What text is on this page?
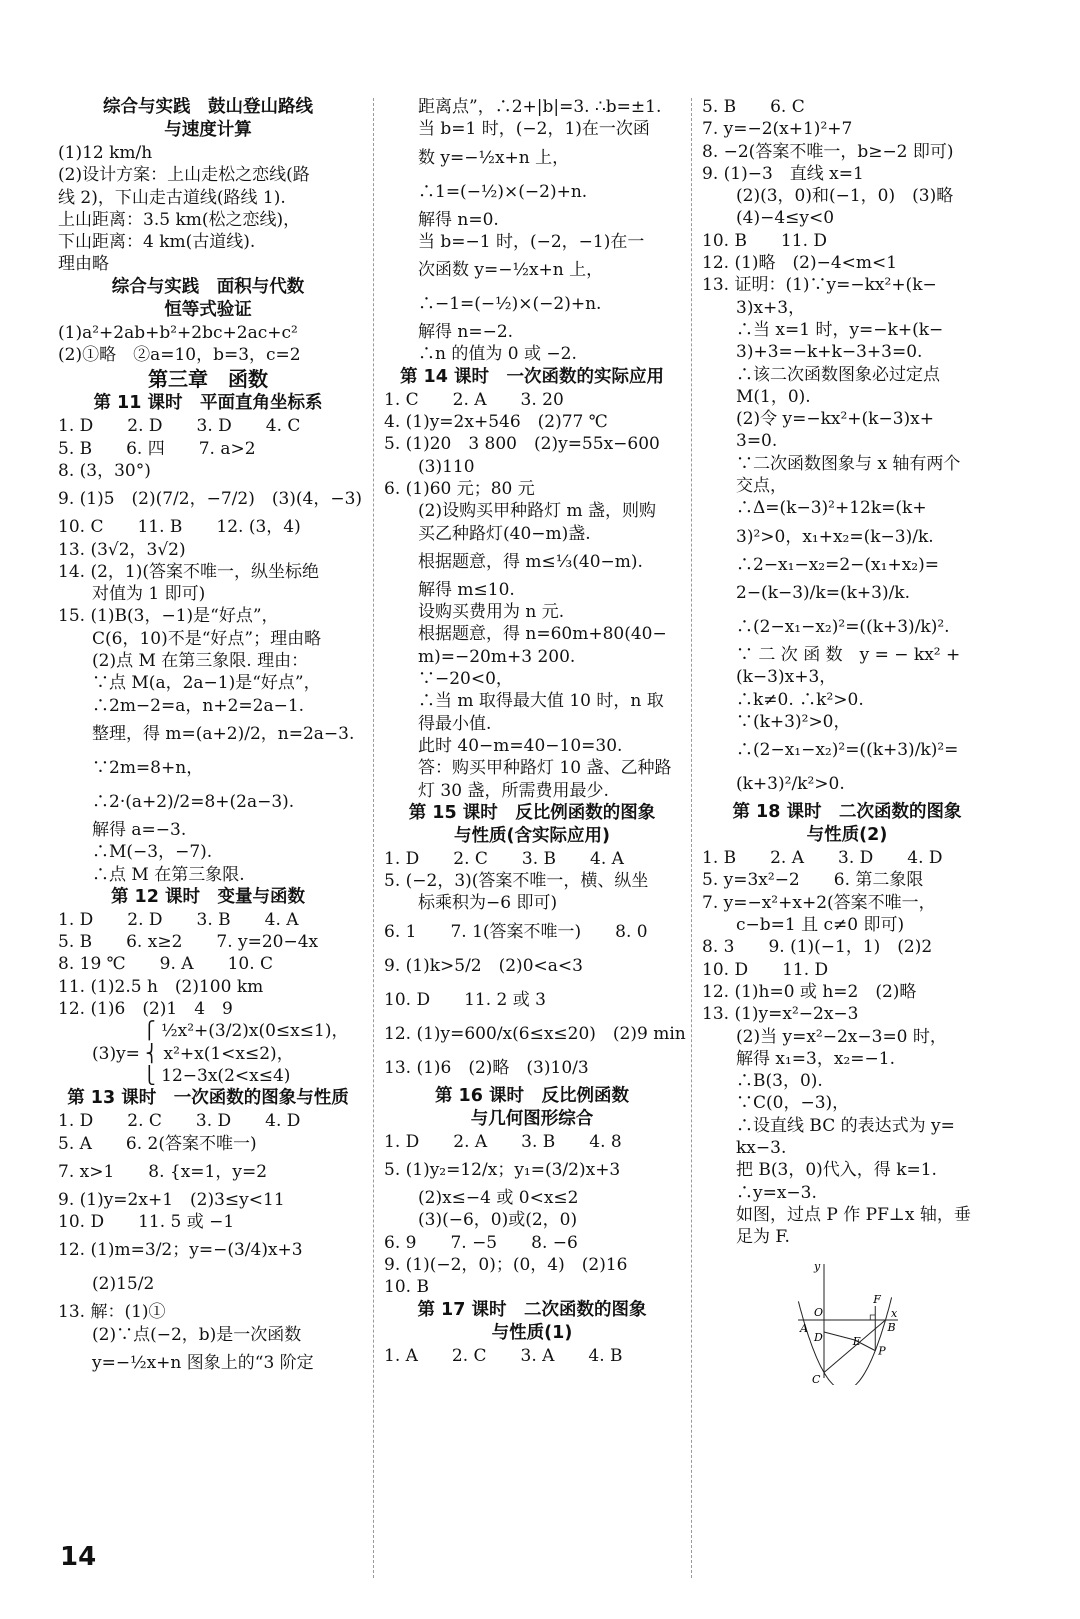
综合与实践　鼓山登山路线
与速度计算
(1)12 km/h
(2)设计方案：上山走松之恋线(路
线 2)，下山走古道线(路线 1).
上山距离：3.5 km(松之恋线)，
下山距离：4 km(古道线).
理由略
综合与实践　面积与代数
恒等式验证
(1)a²+2ab+b²+2bc+2ac+c²
(2)①略　②a=10，b=3，c=2
第三章　函数
第 11 课时　平面直角坐标系
1. D　　2. D　　3. D　　4. C
5. B　　6. 四　　7. a>2
8. (3，30°)
9. (1)5　(2)(7/2，−7/2)　(3)(4，−3)
10. C　　11. B　　12. (3，4)
13. (3√2，3√2)
14. (2，1)(答案不唯一，纵坐标绝
　　对值为 1 即可)
15. (1)B(3，−1)是“好点”，
　　C(6，10)不是“好点”；理由略
　　(2)点 M 在第三象限. 理由：
　　∵点 M(a，2a−1)是“好点”，
　　∴2m−2=a，n+2=2a−1.
　　整理，得 m=(a+2)/2，n=2a−3.
　　∵2m=8+n，
　　∴2·(a+2)/2=8+(2a−3).
　　解得 a=−3.
　　∴M(−3，−7).
　　∴点 M 在第三象限.
第 12 课时　变量与函数
1. D　　2. D　　3. B　　4. A
5. B　　6. x≥2　　7. y=20−4x
8. 19 ℃　　9. A　　10. C
11. (1)2.5 h　(2)100 km
12. (1)6　(2)1　4　9
　　　　　⎧ ½x²+(3/2)x(0≤x≤1)，
　　(3)y= ⎨ x²+x(1<x≤2)，
　　　　　⎩ 12−3x(2<x≤4)
第 13 课时　一次函数的图象与性质
1. D　　2. C　　3. D　　4. D
5. A　　6. 2(答案不唯一)
7. x>1　　8. {x=1，y=2
9. (1)y=2x+1　(2)3≤y<11
10. D　　11. 5 或 −1
12. (1)m=3/2；y=−(3/4)x+3
　　(2)15/2
13. 解：(1)①
　　(2)∵点(−2，b)是一次函数
　　y=−½x+n 图象上的“3 阶定
　　距离点”，∴2+|b|=3. ∴b=±1.
　　当 b=1 时，(−2，1)在一次函
　　数 y=−½x+n 上，
　　∴1=(−½)×(−2)+n.
　　解得 n=0.
　　当 b=−1 时，(−2，−1)在一
　　次函数 y=−½x+n 上，
　　∴−1=(−½)×(−2)+n.
　　解得 n=−2.
　　∴n 的值为 0 或 −2.
第 14 课时　一次函数的实际应用
1. C　　2. A　　3. 20
4. (1)y=2x+546　(2)77 ℃
5. (1)20　3 800　(2)y=55x−600
　　(3)110
6. (1)60 元；80 元
　　(2)设购买甲种路灯 m 盏，则购
　　买乙种路灯(40−m)盏.
　　根据题意，得 m≤⅓(40−m).
　　解得 m≤10.
　　设购买费用为 n 元.
　　根据题意，得 n=60m+80(40−
　　m)=−20m+3 200.
　　∵−20<0，
　　∴当 m 取得最大值 10 时，n 取
　　得最小值.
　　此时 40−m=40−10=30.
　　答：购买甲种路灯 10 盏、乙种路
　　灯 30 盏，所需费用最少.
第 15 课时　反比例函数的图象
与性质(含实际应用)
1. D　　2. C　　3. B　　4. A
5. (−2，3)(答案不唯一，横、纵坐
　　标乘积为−6 即可)
6. 1　　7. 1(答案不唯一)　　8. 0
9. (1)k>5/2　(2)0<a<3
10. D　　11. 2 或 3
12. (1)y=600/x(6≤x≤20)　(2)9 min
13. (1)6　(2)略　(3)10/3
第 16 课时　反比例函数
与几何图形综合
1. D　　2. A　　3. B　　4. 8
5. (1)y₂=12/x；y₁=(3/2)x+3
　　(2)x≤−4 或 0<x≤2
　　(3)(−6，0)或(2，0)
6. 9　　7. −5　　8. −6
9. (1)(−2，0)；(0，4)　(2)16
10. B
第 17 课时　二次函数的图象
与性质(1)
1. A　　2. C　　3. A　　4. B
5. B　　6. C
7. y=−2(x+1)²+7
8. −2(答案不唯一，b≥−2 即可)
9. (1)−3　直线 x=1
　　(2)(3，0)和(−1，0)　(3)略
　　(4)−4≤y<0
10. B　　11. D
12. (1)略　(2)−4<m<1
13. 证明：(1)∵y=−kx²+(k−
　　3)x+3，
　　∴当 x=1 时，y=−k+(k−
　　3)+3=−k+k−3+3=0.
　　∴该二次函数图象必过定点
　　M(1，0).
　　(2)令 y=−kx²+(k−3)x+
　　3=0.
　　∵二次函数图象与 x 轴有两个
　　交点，
　　∴Δ=(k−3)²+12k=(k+
　　3)²>0，x₁+x₂=(k−3)/k.
　　∴2−x₁−x₂=2−(x₁+x₂)=
　　2−(k−3)/k=(k+3)/k.
　　∴(2−x₁−x₂)²=((k+3)/k)².
　　∵ 二 次 函 数　y = − kx² +
　　(k−3)x+3，
　　∴k≠0. ∴k²>0.
　　∵(k+3)²>0，
　　∴(2−x₁−x₂)²=((k+3)/k)²=
　　(k+3)²/k²>0.
第 18 课时　二次函数的图象
与性质(2)
1. B　　2. A　　3. D　　4. D
5. y=3x²−2　　6. 第二象限
7. y=−x²+x+2(答案不唯一，
　　c−b=1 且 c≠0 即可)
8. 3　　9. (1)(−1，1)　(2)2
10. D　　11. D
12. (1)h=0 或 h=2　(2)略
13. (1)y=x²−2x−3
　　(2)当 y=x²−2x−3=0 时，
　　解得 x₁=3，x₂=−1.
　　∴B(3，0).
　　∵C(0，−3)，
　　∴设直线 BC 的表达式为 y=
　　kx−3.
　　把 B(3，0)代入，得 k=1.
　　∴y=x−3.
　　如图，过点 P 作 PF⊥x 轴，垂
　　足为 F.
y
x
O
A	B
C
D	E
F
P
14
